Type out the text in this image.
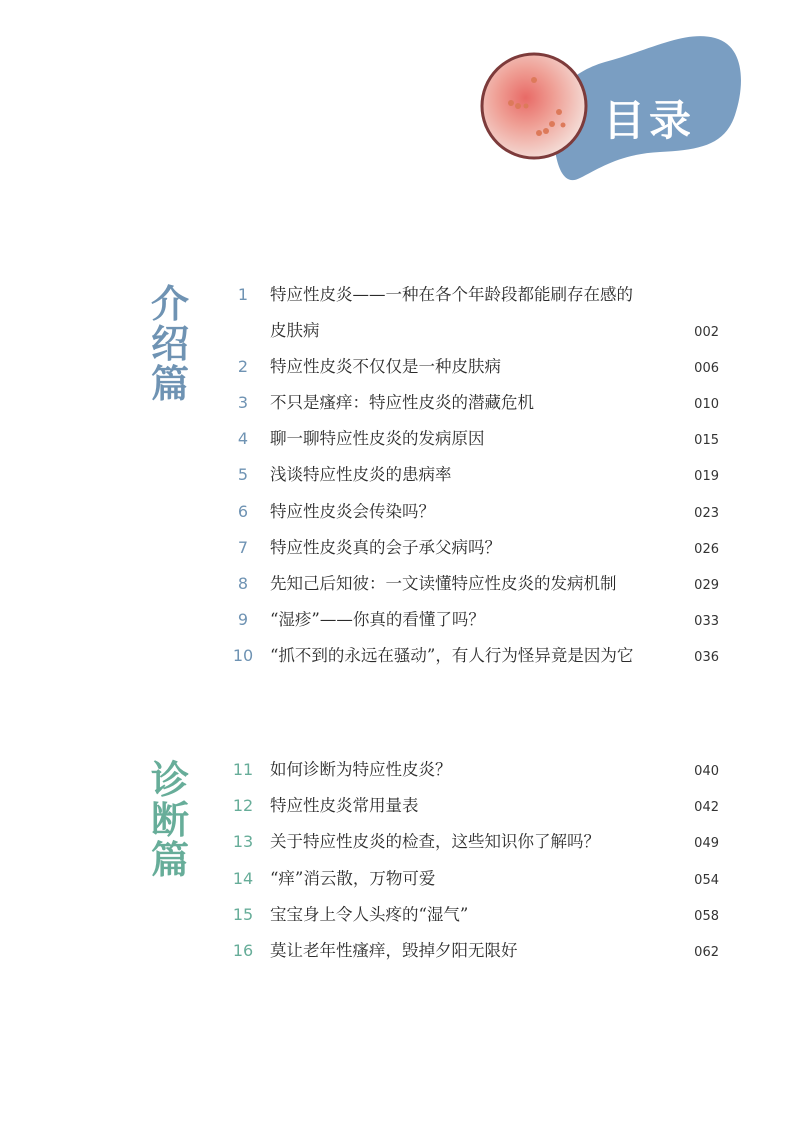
目录
介
绍
篇
1	特应性皮炎——一种在各个年龄段都能刷存在感的
皮肤病	002
2	特应性皮炎不仅仅是一种皮肤病	006
3	不只是瘙痒：特应性皮炎的潜藏危机	010
4	聊一聊特应性皮炎的发病原因	015
5	浅谈特应性皮炎的患病率	019
6	特应性皮炎会传染吗？	023
7	特应性皮炎真的会子承父病吗？	026
8	先知己后知彼：一文读懂特应性皮炎的发病机制	029
9	“湿疹”——你真的看懂了吗？	033
10 “抓不到的永远在骚动”，有人行为怪异竟是因为它	036
诊
断
篇
11 如何诊断为特应性皮炎？	040
12 特应性皮炎常用量表	042
13 关于特应性皮炎的检查，这些知识你了解吗？	049
14 “痒”消云散，万物可爱	054
15 宝宝身上令人头疼的“湿气”	058
16 莫让老年性瘙痒，毁掉夕阳无限好	062
